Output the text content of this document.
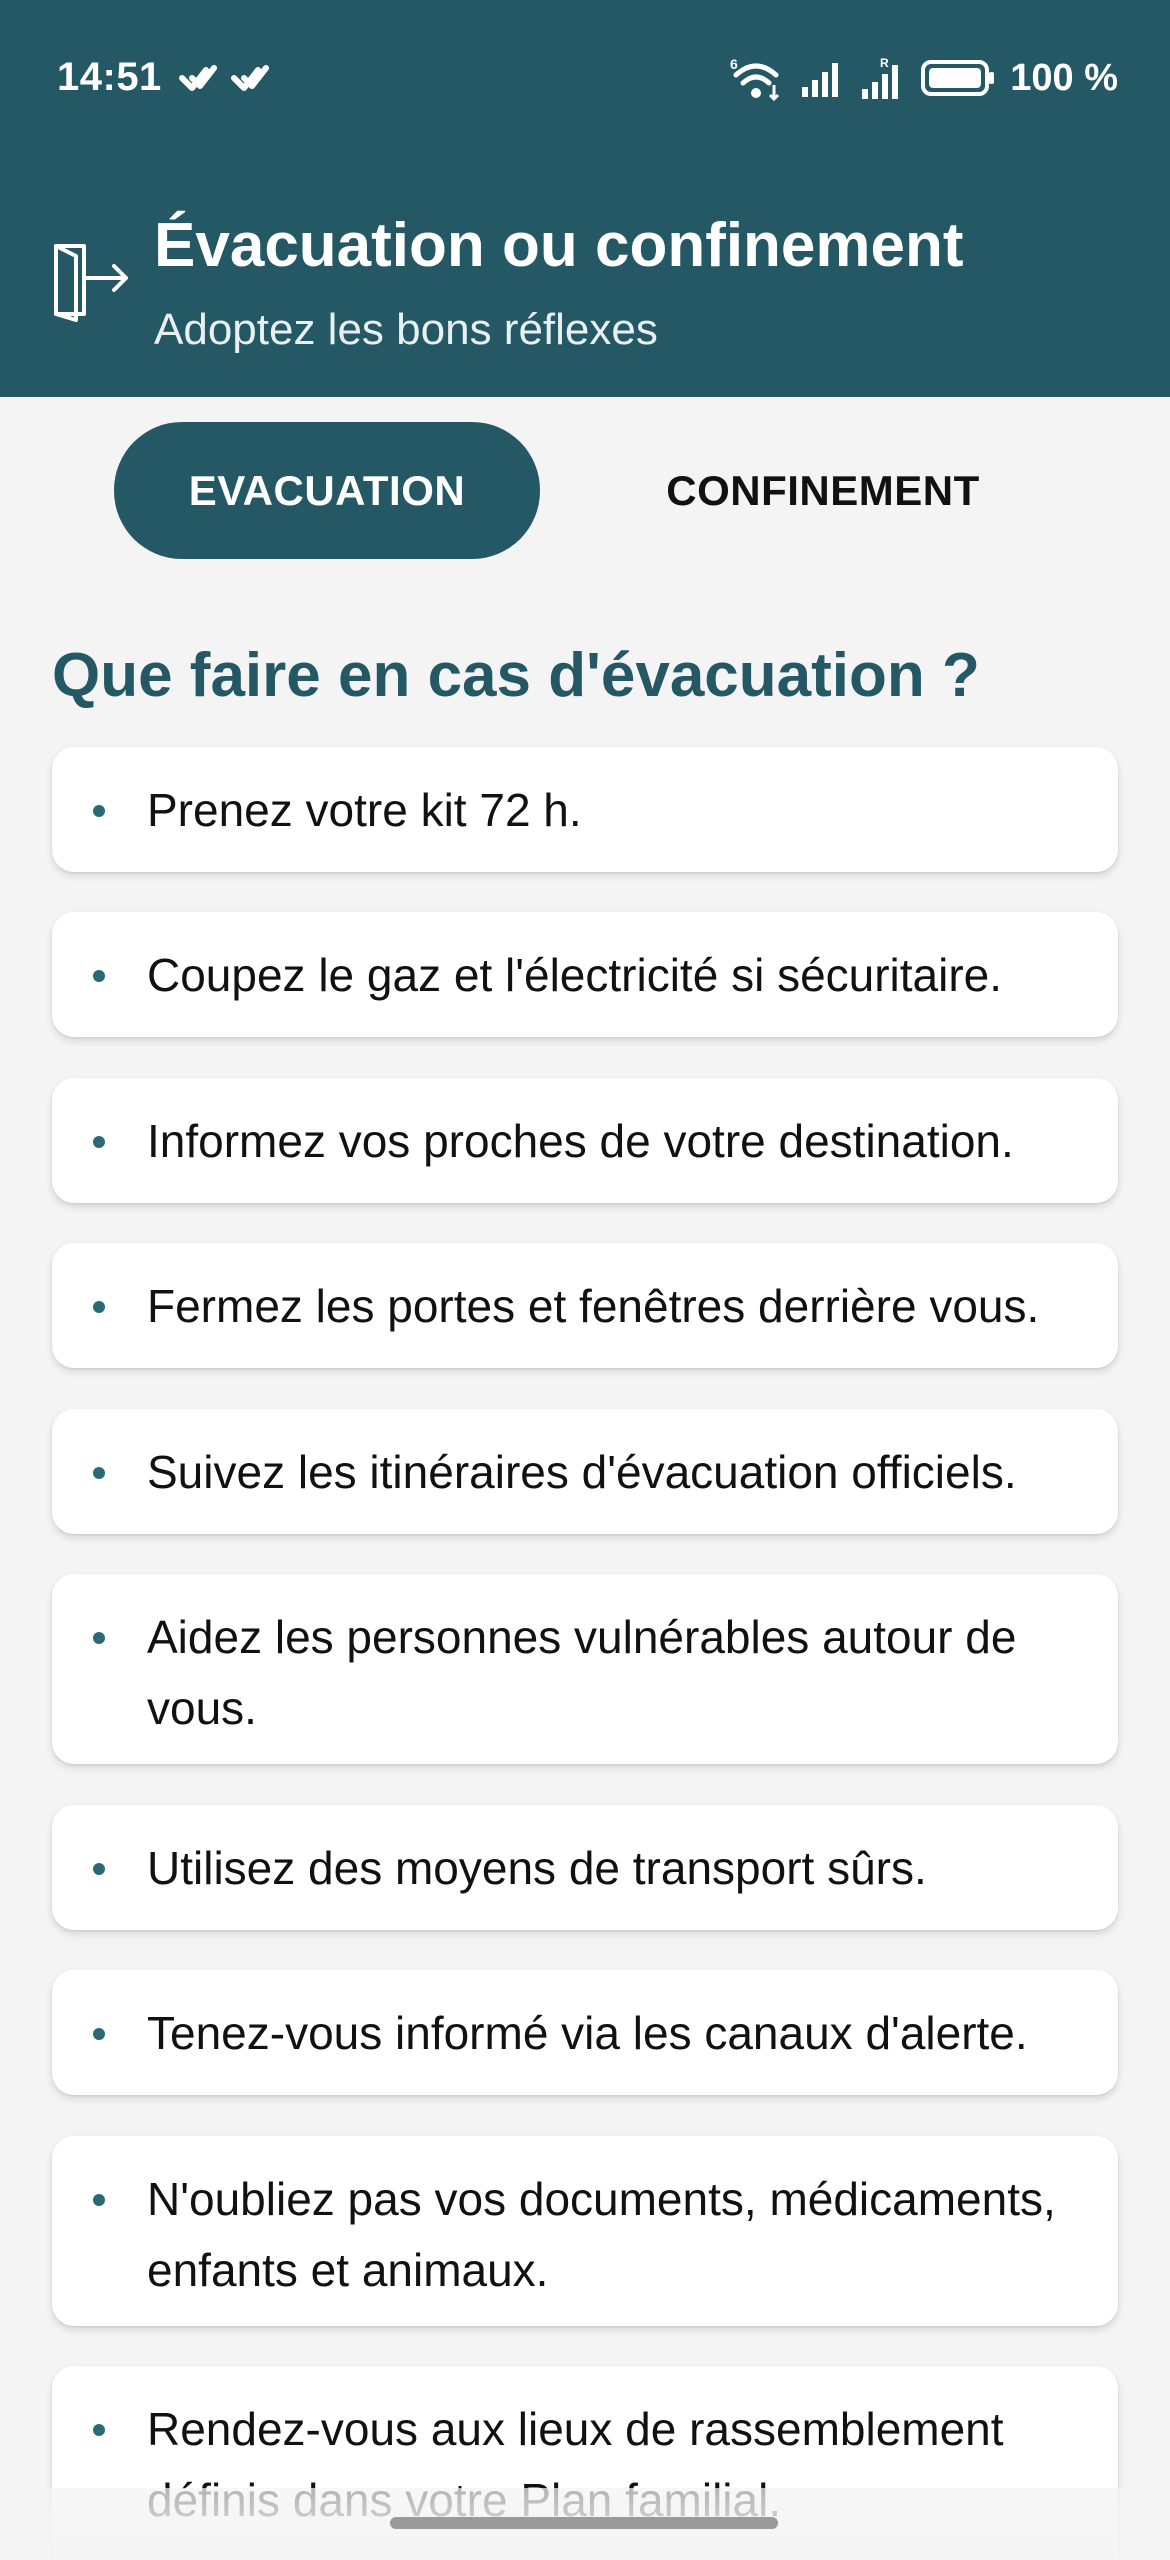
14:51	6	R	100 %
Évacuation ou confinement
Adoptez les bons réflexes
EVACUATION	CONFINEMENT
Que faire en cas d'évacuation ?
Prenez votre kit 72 h.
Coupez le gaz et l'électricité si sécuritaire.
Informez vos proches de votre destination.
Fermez les portes et fenêtres derrière vous.
Suivez les itinéraires d'évacuation officiels.
Aidez les personnes vulnérables autour de vous.
Utilisez des moyens de transport sûrs.
Tenez-vous informé via les canaux d'alerte.
N'oubliez pas vos documents, médicaments, enfants et animaux.
Rendez-vous aux lieux de rassemblement
